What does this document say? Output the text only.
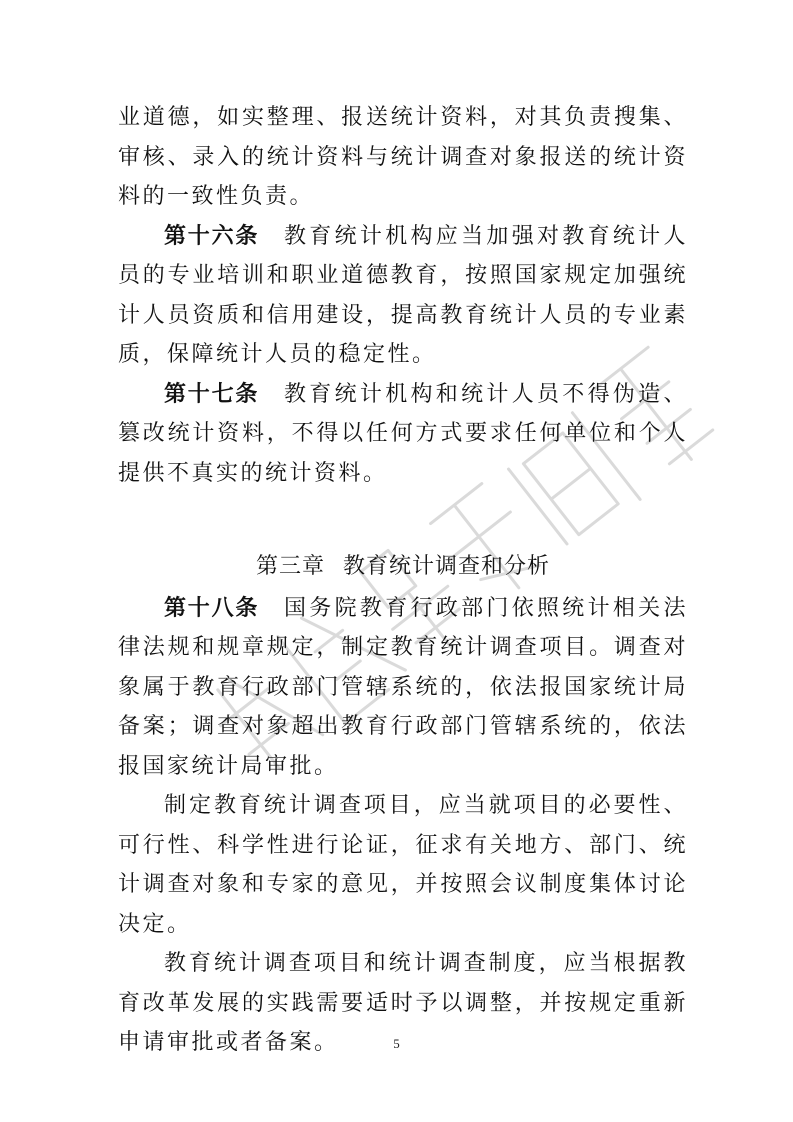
业道德，如实整理、报送统计资料，对其负责搜集、审核、录入的统计资料与统计调查对象报送的统计资料的一致性负责。

第十六条 教育统计机构应当加强对教育统计人员的专业培训和职业道德教育，按照国家规定加强统计人员资质和信用建设，提高教育统计人员的专业素质，保障统计人员的稳定性。

第十七条 教育统计机构和统计人员不得伪造、篡改统计资料，不得以任何方式要求任何单位和个人提供不真实的统计资料。

第三章 教育统计调查和分析

第十八条 国务院教育行政部门依照统计相关法律法规和规章规定，制定教育统计调查项目。调查对象属于教育行政部门管辖系统的，依法报国家统计局备案；调查对象超出教育行政部门管辖系统的，依法报国家统计局审批。

制定教育统计调查项目，应当就项目的必要性、可行性、科学性进行论证，征求有关地方、部门、统计调查对象和专家的意见，并按照会议制度集体讨论决定。

教育统计调查项目和统计调查制度，应当根据教育改革发展的实践需要适时予以调整，并按规定重新申请审批或者备案。	5
